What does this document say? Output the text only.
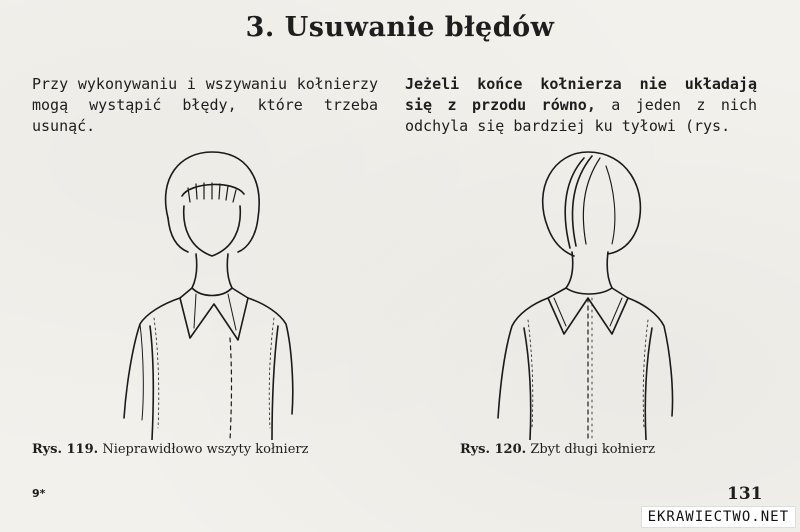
3. Usuwanie błędów
Przy wykonywaniu i wszywaniu kołnierzy mogą wystąpić błędy, które trzeba usunąć.
Jeżeli końce kołnierza nie układają się z przodu równo, a jeden z nich odchyla się bardziej ku tyłowi (rys.
Rys. 119. Nieprawidłowo wszyty kołnierz	Rys. 120. Zbyt długi kołnierz
9*	131
EKRAWIECTWO.NET
